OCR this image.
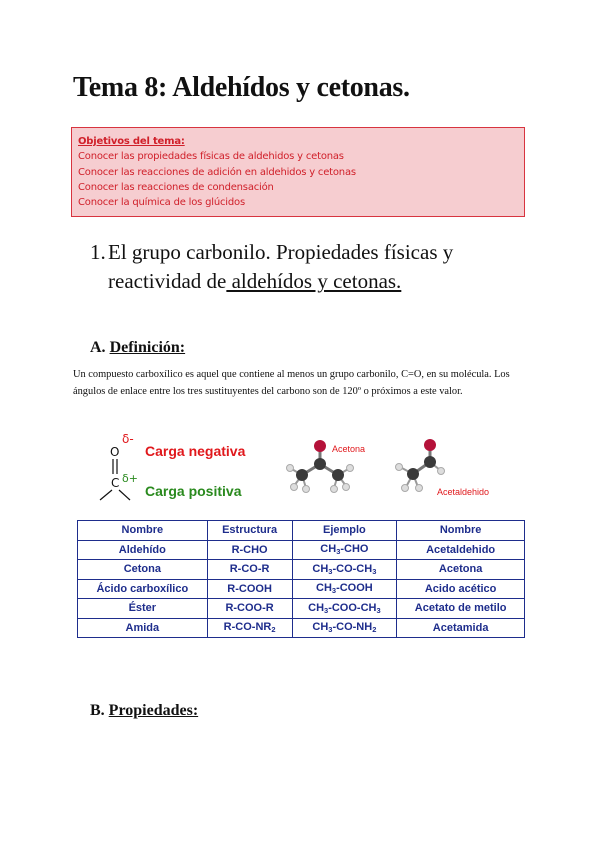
Tema 8: Aldehídos y cetonas.
Objetivos del tema:
Conocer las propiedades físicas de aldehidos y cetonas
Conocer las reacciones de adición en aldehidos y cetonas
Conocer las reacciones de condensación
Conocer la química de los glúcidos
1. El grupo carbonilo. Propiedades físicas y
reactividad de aldehídos y cetonas.
A. Definición:
Un compuesto carboxílico es aquel que contiene al menos un grupo carbonilo, C=O, en su molécula. Los ángulos de enlace entre los tres sustituyentes del carbono son de 120º o próximos a este valor.
O
δ-
C δ+
Carga negativa
Carga positiva
Acetona
Acetaldehido
Nombre	Estructura	Ejemplo	Nombre
Aldehído	R-CHO	$CH_3$-CHO	Acetaldehido
Cetona	R-CO-R	$CH_3-CO-CH_3$	Acetona
Ácido carboxílico	R-COOH	$CH_3$-COOH	Acido acético
Éster	R-COO-R	$CH_3-COO-CH_3$	Acetato de metilo
Amida	$R-CO-NR_2$	$CH_3-CO-NH_2$	Acetamida
B. Propiedades:
